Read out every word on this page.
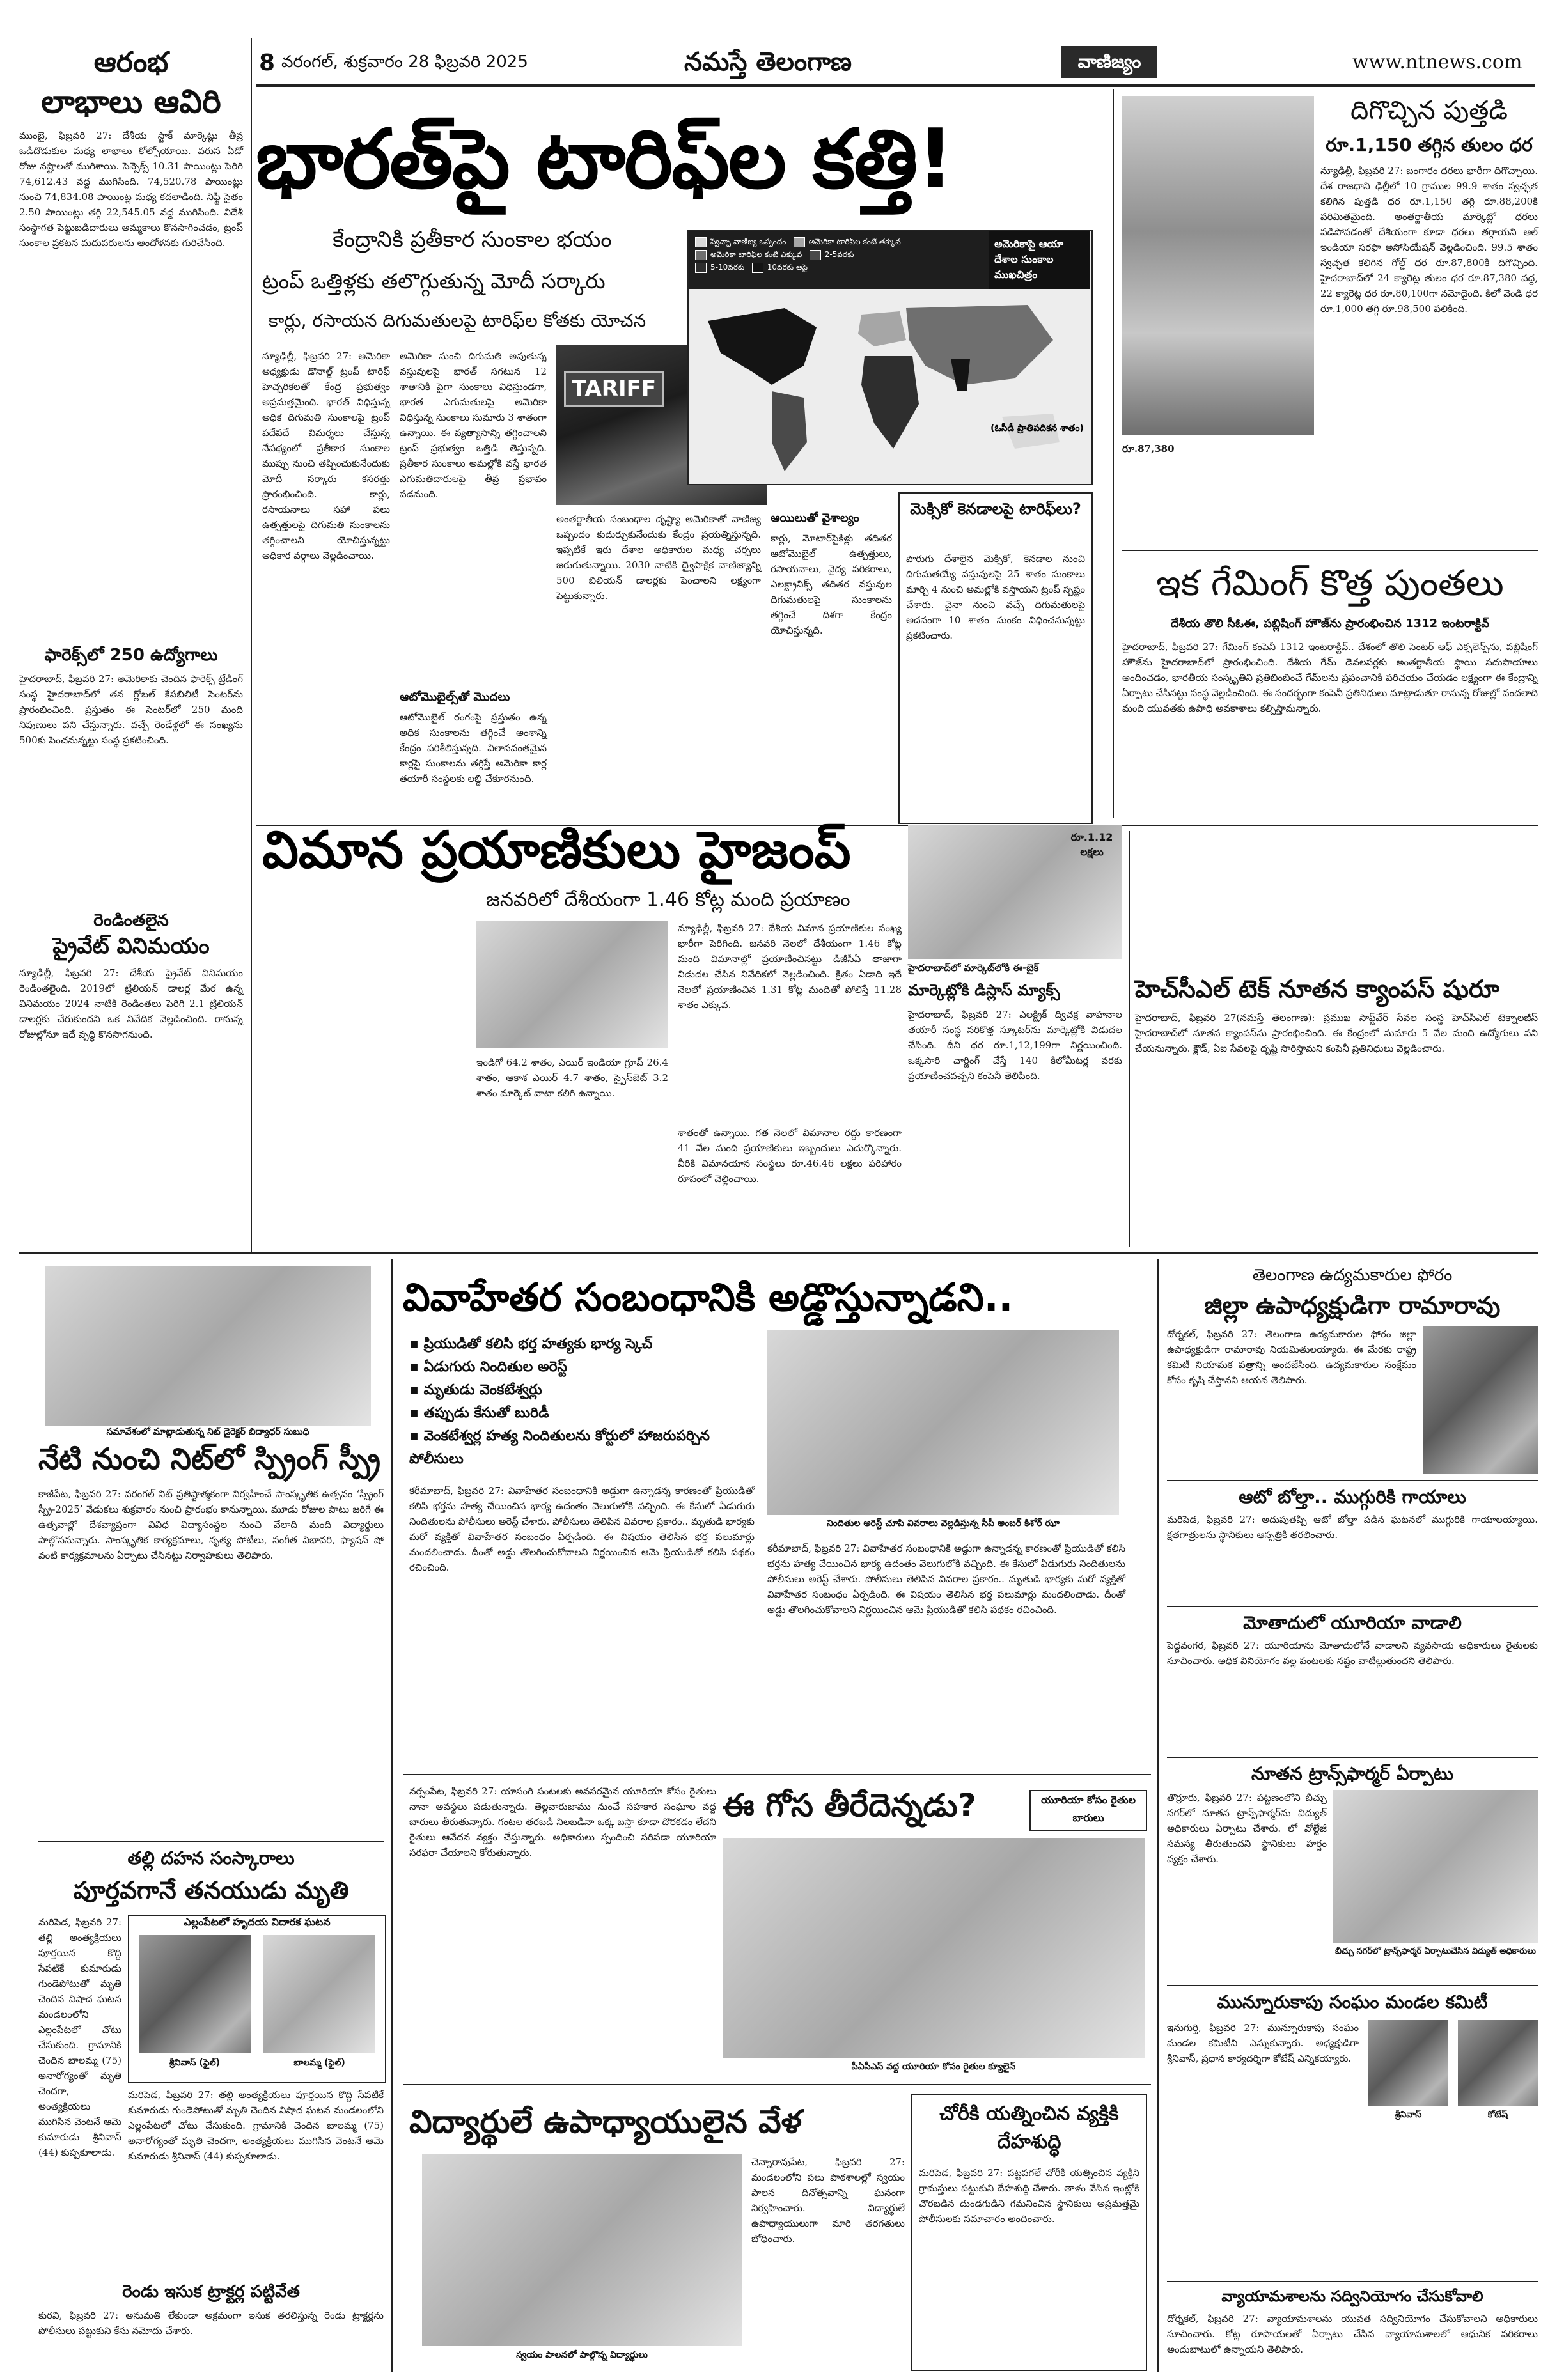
8 వరంగల్, శుక్రవారం 28 ఫిబ్రవరి 2025	నమస్తే తెలంగాణ	వాణిజ్యం	www.ntnews.com
ఆరంభ
లాభాలు ఆవిరి
ముంబై, ఫిబ్రవరి 27: దేశీయ స్టాక్ మార్కెట్లు తీవ్ర ఒడిదొడుకుల మధ్య లాభాలు కోల్పోయాయి. వరుస ఏడో రోజు నష్టాలతో ముగిశాయి. సెన్సెక్స్ 10.31 పాయింట్లు పెరిగి 74,612.43 వద్ద ముగిసింది. 74,520.78 పాయింట్లు నుంచి 74,834.08 పాయింట్ల మధ్య కదలాడింది. నిఫ్టీ సైతం 2.50 పాయింట్లు తగ్గి 22,545.05 వద్ద ముగిసింది. విదేశీ సంస్థాగత పెట్టుబడిదారులు అమ్మకాలు కొనసాగించడం, ట్రంప్ సుంకాల ప్రకటన మదుపరులను ఆందోళనకు గురిచేసింది.
ఫారెక్స్‌లో 250 ఉద్యోగాలు
హైదరాబాద్, ఫిబ్రవరి 27: అమెరికాకు చెందిన ఫారెక్స్ ట్రేడింగ్ సంస్థ హైదరాబాద్‌లో తన గ్లోబల్ కేపబిలిటీ సెంటర్‌ను ప్రారంభించింది. ప్రస్తుతం ఈ సెంటర్‌లో 250 మంది నిపుణులు పని చేస్తున్నారు. వచ్చే రెండేళ్లలో ఈ సంఖ్యను 500కు పెంచనున్నట్టు సంస్థ ప్రకటించింది.
రెండింతలైన
ప్రైవేట్ వినిమయం
న్యూఢిల్లీ, ఫిబ్రవరి 27: దేశీయ ప్రైవేట్ వినిమయం రెండింతలైంది. 2019లో ట్రిలియన్ డాలర్ల మేర ఉన్న వినిమయం 2024 నాటికి రెండింతలు పెరిగి 2.1 ట్రిలియన్ డాలర్లకు చేరుకుందని ఒక నివేదిక వెల్లడించింది. రానున్న రోజుల్లోనూ ఇదే వృద్ధి కొనసాగనుంది.
భారత్‌పై టారిఫ్‌ల కత్తి!
కేంద్రానికి ప్రతీకార సుంకాల భయం
ట్రంప్ ఒత్తిళ్లకు తలొగ్గుతున్న మోదీ సర్కారు
కార్లు, రసాయన దిగుమతులపై టారిఫ్‌ల కోతకు యోచన
TARIFF
స్వేచ్ఛా వాణిజ్య ఒప్పందం	అమెరికా టారిఫ్‌ల కంటే తక్కువ
అమెరికా టారిఫ్‌ల కంటే ఎక్కువ	2-5వరకు
5-10వరకు	10వరకు ఆపై
అమెరికాపై ఆయా దేశాల సుంకాల ముఖచిత్రం
(ఓసీడీ ప్రాతిపదికన శాతం)
న్యూఢిల్లీ, ఫిబ్రవరి 27: అమెరికా అధ్యక్షుడు డొనాల్డ్ ట్రంప్ టారిఫ్ హెచ్చరికలతో కేంద్ర ప్రభుత్వం అప్రమత్తమైంది. భారత్ విధిస్తున్న అధిక దిగుమతి సుంకాలపై ట్రంప్ పదేపదే విమర్శలు చేస్తున్న నేపథ్యంలో ప్రతీకార సుంకాల ముప్పు నుంచి తప్పించుకునేందుకు మోదీ సర్కారు కసరత్తు ప్రారంభించింది. కార్లు, రసాయనాలు సహా పలు ఉత్పత్తులపై దిగుమతి సుంకాలను తగ్గించాలని యోచిస్తున్నట్టు అధికార వర్గాలు వెల్లడించాయి.
అమెరికా నుంచి దిగుమతి అవుతున్న వస్తువులపై భారత్ సగటున 12 శాతానికి పైగా సుంకాలు విధిస్తుండగా, భారత ఎగుమతులపై అమెరికా విధిస్తున్న సుంకాలు సుమారు 3 శాతంగా ఉన్నాయి. ఈ వ్యత్యాసాన్ని తగ్గించాలని ట్రంప్ ప్రభుత్వం ఒత్తిడి తెస్తున్నది. ప్రతీకార సుంకాలు అమల్లోకి వస్తే భారత ఎగుమతిదారులపై తీవ్ర ప్రభావం పడనుంది.
ఆటోమొబైల్స్‌తో మొదలు
ఆటోమొబైల్ రంగంపై ప్రస్తుతం ఉన్న అధిక సుంకాలను తగ్గించే అంశాన్ని కేంద్రం పరిశీలిస్తున్నది. విలాసవంతమైన కార్లపై సుంకాలను తగ్గిస్తే అమెరికా కార్ల తయారీ సంస్థలకు లబ్ధి చేకూరనుంది.
అంతర్జాతీయ సంబంధాల దృష్ట్యా అమెరికాతో వాణిజ్య ఒప్పందం కుదుర్చుకునేందుకు కేంద్రం ప్రయత్నిస్తున్నది. ఇప్పటికే ఇరు దేశాల అధికారుల మధ్య చర్చలు జరుగుతున్నాయి. 2030 నాటికి ద్వైపాక్షిక వాణిజ్యాన్ని 500 బిలియన్ డాలర్లకు పెంచాలని లక్ష్యంగా పెట్టుకున్నారు.
ఆయిలుతో వైశాల్యం
కార్లు, మోటార్‌సైకిళ్లు తదితర ఆటోమొబైల్ ఉత్పత్తులు, రసాయనాలు, వైద్య పరికరాలు, ఎలక్ట్రానిక్స్ తదితర వస్తువుల దిగుమతులపై సుంకాలను తగ్గించే దిశగా కేంద్రం యోచిస్తున్నది.
మెక్సికో కెనడాలపై టారిఫ్‌లు?
పొరుగు దేశాలైన మెక్సికో, కెనడాల నుంచి దిగుమతయ్యే వస్తువులపై 25 శాతం సుంకాలు మార్చి 4 నుంచి అమల్లోకి వస్తాయని ట్రంప్ స్పష్టం చేశారు. చైనా నుంచి వచ్చే దిగుమతులపై అదనంగా 10 శాతం సుంకం విధించనున్నట్టు ప్రకటించారు.
దిగొచ్చిన పుత్తడి
రూ.1,150 తగ్గిన తులం ధర
న్యూఢిల్లీ, ఫిబ్రవరి 27: బంగారం ధరలు భారీగా దిగొచ్చాయి. దేశ రాజధాని ఢిల్లీలో 10 గ్రాముల 99.9 శాతం స్వచ్ఛత కలిగిన పుత్తడి ధర రూ.1,150 తగ్గి రూ.88,200కి పరిమితమైంది. అంతర్జాతీయ మార్కెట్లో ధరలు పడిపోవడంతో దేశీయంగా కూడా ధరలు తగ్గాయని ఆల్ ఇండియా సరఫా అసోసియేషన్ వెల్లడించింది. 99.5 శాతం స్వచ్ఛత కలిగిన గోల్డ్ ధర రూ.87,800కి దిగొచ్చింది. హైదరాబాద్‌లో 24 క్యారెట్ల తులం ధర రూ.87,380 వద్ద, 22 క్యారెట్ల ధర రూ.80,100గా నమోదైంది. కిలో వెండి ధర రూ.1,000 తగ్గి రూ.98,500 పలికింది.
రూ.87,380
ఇక గేమింగ్ కొత్త పుంతలు
దేశీయ తొలి సీఓఈ, పబ్లిషింగ్ హౌజ్‌ను ప్రారంభించిన 1312 ఇంటరాక్టివ్
హైదరాబాద్, ఫిబ్రవరి 27: గేమింగ్ కంపెనీ 1312 ఇంటరాక్టివ్.. దేశంలో తొలి సెంటర్ ఆఫ్ ఎక్సలెన్స్‌ను, పబ్లిషింగ్ హౌజ్‌ను హైదరాబాద్‌లో ప్రారంభించింది. దేశీయ గేమ్ డెవలపర్లకు అంతర్జాతీయ స్థాయి సదుపాయాలు అందించడం, భారతీయ సంస్కృతిని ప్రతిబింబించే గేమ్‌లను ప్రపంచానికి పరిచయం చేయడం లక్ష్యంగా ఈ కేంద్రాన్ని ఏర్పాటు చేసినట్టు సంస్థ వెల్లడించింది. ఈ సందర్భంగా కంపెనీ ప్రతినిధులు మాట్లాడుతూ రానున్న రోజుల్లో వందలాది మంది యువతకు ఉపాధి అవకాశాలు కల్పిస్తామన్నారు.
విమాన ప్రయాణికులు హైజంప్
జనవరిలో దేశీయంగా 1.46 కోట్ల మంది ప్రయాణం
న్యూఢిల్లీ, ఫిబ్రవరి 27: దేశీయ విమాన ప్రయాణికుల సంఖ్య భారీగా పెరిగింది. జనవరి నెలలో దేశీయంగా 1.46 కోట్ల మంది విమానాల్లో ప్రయాణించినట్టు డీజీసీఏ తాజాగా విడుదల చేసిన నివేదికలో వెల్లడించింది. క్రితం ఏడాది ఇదే నెలలో ప్రయాణించిన 1.31 కోట్ల మందితో పోలిస్తే 11.28 శాతం ఎక్కువ.
శాతంతో ఉన్నాయి. గత నెలలో విమానాల రద్దు కారణంగా 41 వేల మంది ప్రయాణికులు ఇబ్బందులు ఎదుర్కొన్నారు. వీరికి విమానయాన సంస్థలు రూ.46.46 లక్షలు పరిహారం రూపంలో చెల్లించాయి.
ఇండిగో 64.2 శాతం, ఎయిర్ ఇండియా గ్రూప్ 26.4 శాతం, ఆకాశ ఎయిర్ 4.7 శాతం, స్పైస్‌జెట్ 3.2 శాతం మార్కెట్ వాటా కలిగి ఉన్నాయి.
రూ.1.12 లక్షలు
హైదరాబాద్‌లో మార్కెట్‌లోకి ఈ-బైక్
మార్కెట్లోకి డిస్లాస్ మ్యాక్స్
హైదరాబాద్, ఫిబ్రవరి 27: ఎలక్ట్రిక్ ద్విచక్ర వాహనాల తయారీ సంస్థ సరికొత్త స్కూటర్‌ను మార్కెట్లోకి విడుదల చేసింది. దీని ధర రూ.1,12,199గా నిర్ణయించింది. ఒక్కసారి చార్జింగ్ చేస్తే 140 కిలోమీటర్ల వరకు ప్రయాణించవచ్చని కంపెనీ తెలిపింది.
హెచ్‌సీఎల్ టెక్ నూతన క్యాంపస్ షురూ
హైదరాబాద్, ఫిబ్రవరి 27(నమస్తే తెలంగాణ): ప్రముఖ సాఫ్ట్‌వేర్ సేవల సంస్థ హెచ్‌సీఎల్ టెక్నాలజీస్ హైదరాబాద్‌లో నూతన క్యాంపస్‌ను ప్రారంభించింది. ఈ కేంద్రంలో సుమారు 5 వేల మంది ఉద్యోగులు పని చేయనున్నారు. క్లౌడ్, ఏఐ సేవలపై దృష్టి సారిస్తామని కంపెనీ ప్రతినిధులు వెల్లడించారు.
సమావేశంలో మాట్లాడుతున్న నిట్ డైరెక్టర్ బిద్యాధర్ సుబుధి
నేటి నుంచి నిట్‌లో స్ప్రింగ్ స్ప్రీ
కాజీపేట, ఫిబ్రవరి 27: వరంగల్ నిట్ ప్రతిష్టాత్మకంగా నిర్వహించే సాంస్కృతిక ఉత్సవం ‘స్ప్రింగ్ స్ప్రీ-2025’ వేడుకలు శుక్రవారం నుంచి ప్రారంభం కానున్నాయి. మూడు రోజుల పాటు జరిగే ఈ ఉత్సవాల్లో దేశవ్యాప్తంగా వివిధ విద్యాసంస్థల నుంచి వేలాది మంది విద్యార్థులు పాల్గొననున్నారు. సాంస్కృతిక కార్యక్రమాలు, నృత్య పోటీలు, సంగీత విభావరి, ఫ్యాషన్ షో వంటి కార్యక్రమాలను ఏర్పాటు చేసినట్టు నిర్వాహకులు తెలిపారు.
తల్లి దహన సంస్కారాలు
పూర్తవగానే తనయుడు మృతి
ఎల్లంపేటలో హృదయ విదారక ఘటన
శ్రీనివాస్ (ఫైల్)	బాలమ్మ (ఫైల్)
మరిపెడ, ఫిబ్రవరి 27: తల్లి అంత్యక్రియలు పూర్తయిన కొద్ది సేపటికే కుమారుడు గుండెపోటుతో మృతి చెందిన విషాద ఘటన మండలంలోని ఎల్లంపేటలో చోటు చేసుకుంది. గ్రామానికి చెందిన బాలమ్మ (75) అనారోగ్యంతో మృతి చెందగా, అంత్యక్రియలు ముగిసిన వెంటనే ఆమె కుమారుడు శ్రీనివాస్ (44) కుప్పకూలాడు.
మరిపెడ, ఫిబ్రవరి 27: తల్లి అంత్యక్రియలు పూర్తయిన కొద్ది సేపటికే కుమారుడు గుండెపోటుతో మృతి చెందిన విషాద ఘటన మండలంలోని ఎల్లంపేటలో చోటు చేసుకుంది. గ్రామానికి చెందిన బాలమ్మ (75) అనారోగ్యంతో మృతి చెందగా, అంత్యక్రియలు ముగిసిన వెంటనే ఆమె కుమారుడు శ్రీనివాస్ (44) కుప్పకూలాడు.
రెండు ఇసుక ట్రాక్టర్ల పట్టివేత
కురవి, ఫిబ్రవరి 27: అనుమతి లేకుండా అక్రమంగా ఇసుక తరలిస్తున్న రెండు ట్రాక్టర్లను పోలీసులు పట్టుకుని కేసు నమోదు చేశారు.
వివాహేతర సంబంధానికి అడ్డొస్తున్నాడని..
▪ ప్రియుడితో కలిసి భర్త హత్యకు భార్య స్కెచ్
▪ ఏడుగురు నిందితుల అరెస్ట్
▪ మృతుడు వెంకటేశ్వర్లు
▪ తప్పుడు కేసుతో బురిడీ
▪ వెంకటేశ్వర్ల హత్య నిందితులను కోర్టులో హాజరుపర్చిన పోలీసులు
నిందితుల అరెస్ట్ చూపి వివరాలు వెల్లడిస్తున్న సీపీ అంబర్ కిశోర్ ఝా
కరీమాబాద్, ఫిబ్రవరి 27: వివాహేతర సంబంధానికి అడ్డుగా ఉన్నాడన్న కారణంతో ప్రియుడితో కలిసి భర్తను హత్య చేయించిన భార్య ఉదంతం వెలుగులోకి వచ్చింది. ఈ కేసులో ఏడుగురు నిందితులను పోలీసులు అరెస్ట్ చేశారు. పోలీసులు తెలిపిన వివరాల ప్రకారం.. మృతుడి భార్యకు మరో వ్యక్తితో వివాహేతర సంబంధం ఏర్పడింది. ఈ విషయం తెలిసిన భర్త పలుమార్లు మందలించాడు. దీంతో అడ్డు తొలగించుకోవాలని నిర్ణయించిన ఆమె ప్రియుడితో కలిసి పథకం రచించింది.
కరీమాబాద్, ఫిబ్రవరి 27: వివాహేతర సంబంధానికి అడ్డుగా ఉన్నాడన్న కారణంతో ప్రియుడితో కలిసి భర్తను హత్య చేయించిన భార్య ఉదంతం వెలుగులోకి వచ్చింది. ఈ కేసులో ఏడుగురు నిందితులను పోలీసులు అరెస్ట్ చేశారు. పోలీసులు తెలిపిన వివరాల ప్రకారం.. మృతుడి భార్యకు మరో వ్యక్తితో వివాహేతర సంబంధం ఏర్పడింది. ఈ విషయం తెలిసిన భర్త పలుమార్లు మందలించాడు. దీంతో అడ్డు తొలగించుకోవాలని నిర్ణయించిన ఆమె ప్రియుడితో కలిసి పథకం రచించింది.
నర్సంపేట, ఫిబ్రవరి 27: యాసంగి పంటలకు అవసరమైన యూరియా కోసం రైతులు నానా అవస్థలు పడుతున్నారు. తెల్లవారుజాము నుంచే సహకార సంఘాల వద్ద బారులు తీరుతున్నారు. గంటల తరబడి నిలబడినా ఒక్క బస్తా కూడా దొరకడం లేదని రైతులు ఆవేదన వ్యక్తం చేస్తున్నారు. అధికారులు స్పందించి సరిపడా యూరియా సరఫరా చేయాలని కోరుతున్నారు.
ఈ గోస తీరేదెన్నడు?	యూరియా కోసం రైతుల బారులు
పీఏసీఎస్ వద్ద యూరియా కోసం రైతుల క్యూలైన్
విద్యార్థులే ఉపాధ్యాయులైన వేళ
స్వయం పాలనలో పాల్గొన్న విద్యార్థులు
చెన్నారావుపేట, ఫిబ్రవరి 27: మండలంలోని పలు పాఠశాలల్లో స్వయం పాలన దినోత్సవాన్ని ఘనంగా నిర్వహించారు. విద్యార్థులే ఉపాధ్యాయులుగా మారి తరగతులు బోధించారు.
చోరీకి యత్నించిన వ్యక్తికి దేహశుద్ధి
మరిపెడ, ఫిబ్రవరి 27: పట్టపగలే చోరీకి యత్నించిన వ్యక్తిని గ్రామస్తులు పట్టుకుని దేహశుద్ధి చేశారు. తాళం వేసిన ఇంట్లోకి చొరబడిన దుండగుడిని గమనించిన స్థానికులు అప్రమత్తమై పోలీసులకు సమాచారం అందించారు.
తెలంగాణ ఉద్యమకారుల ఫోరం
జిల్లా ఉపాధ్యక్షుడిగా రామారావు
దోర్నకల్, ఫిబ్రవరి 27: తెలంగాణ ఉద్యమకారుల ఫోరం జిల్లా ఉపాధ్యక్షుడిగా రామారావు నియమితులయ్యారు. ఈ మేరకు రాష్ట్ర కమిటీ నియామక పత్రాన్ని అందజేసింది. ఉద్యమకారుల సంక్షేమం కోసం కృషి చేస్తానని ఆయన తెలిపారు.
ఆటో బోల్తా.. ముగ్గురికి గాయాలు
మరిపెడ, ఫిబ్రవరి 27: అదుపుతప్పి ఆటో బోల్తా పడిన ఘటనలో ముగ్గురికి గాయాలయ్యాయి. క్షతగాత్రులను స్థానికులు ఆస్పత్రికి తరలించారు.
మోతాదులో యూరియా వాడాలి
పెద్దవంగర, ఫిబ్రవరి 27: యూరియాను మోతాదులోనే వాడాలని వ్యవసాయ అధికారులు రైతులకు సూచించారు. అధిక వినియోగం వల్ల పంటలకు నష్టం వాటిల్లుతుందని తెలిపారు.
నూతన ట్రాన్స్‌ఫార్మర్ ఏర్పాటు
తొర్రూరు, ఫిబ్రవరి 27: పట్టణంలోని బీచ్చు నగర్‌లో నూతన ట్రాన్స్‌ఫార్మర్‌ను విద్యుత్ అధికారులు ఏర్పాటు చేశారు. లో వోల్టేజీ సమస్య తీరుతుందని స్థానికులు హర్షం వ్యక్తం చేశారు.
బీచ్చు నగర్‌లో ట్రాన్స్‌ఫార్మర్ ఏర్పాటుచేసిన విద్యుత్ అధికారులు
మున్నూరుకాపు సంఘం మండల కమిటీ
ఇనుగుర్తి, ఫిబ్రవరి 27: మున్నూరుకాపు సంఘం మండల కమిటీని ఎన్నుకున్నారు. అధ్యక్షుడిగా శ్రీనివాస్, ప్రధాన కార్యదర్శిగా కోటేష్ ఎన్నికయ్యారు.
శ్రీనివాస్	కోటేష్
వ్యాయామశాలను సద్వినియోగం చేసుకోవాలి
దోర్నకల్, ఫిబ్రవరి 27: వ్యాయామశాలను యువత సద్వినియోగం చేసుకోవాలని అధికారులు సూచించారు. కోట్ల రూపాయలతో ఏర్పాటు చేసిన వ్యాయామశాలలో ఆధునిక పరికరాలు అందుబాటులో ఉన్నాయని తెలిపారు.
